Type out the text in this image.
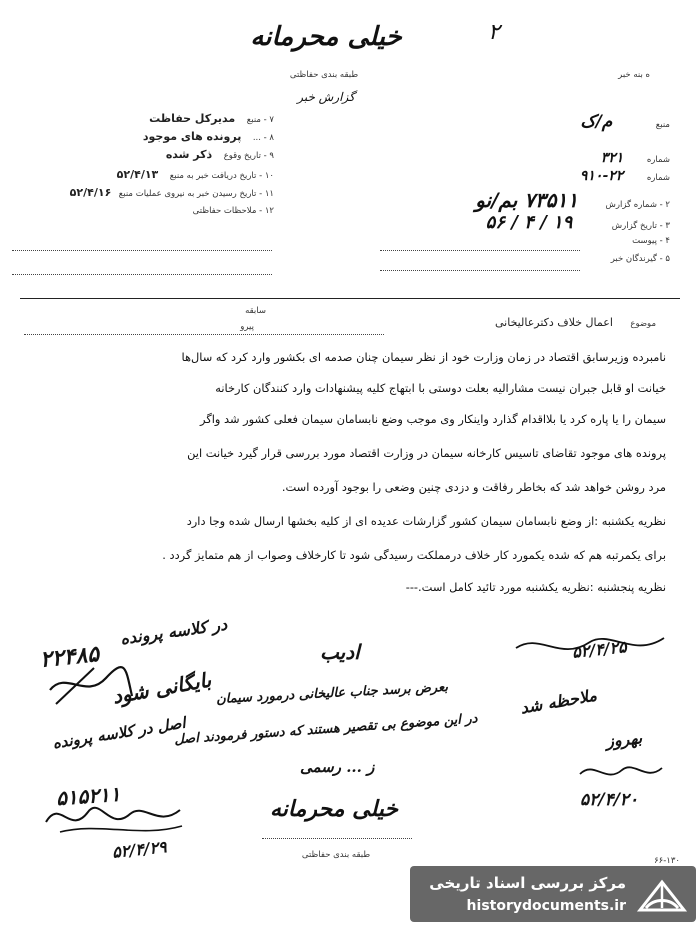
خیلی محرمانه
طبقه بندی حفاظتی
گزارش خبر
۲
ه بنه خبر
منبع م/ک
شماره ۳۲۱
شماره ۲۲-۹۱۰
۲ - شماره گزارش ۷۳۵۱۱ بم/نو
۳ - تاریخ گزارش ۱۹ / ۴ / ۵۶
۴ - پیوست
۵ - گیرندگان خبر
۷ - منبع مدیرکل حفاظت
۸ - ... پرونده های موجود
۹ - تاریخ وقوع ذکر شده
۱۰ - تاریخ دریافت خبر به منبع ۵۲/۴/۱۳
۱۱ - تاریخ رسیدن خبر به نیروی عملیات منبع ۵۲/۴/۱۶
۱۲ - ملاحظات حفاظتی
سابقه
پیرو	موضوع اعمال خلاف دکترعالیخانی
نامبرده وزیرسابق اقتصاد در زمان وزارت خود از نظر سیمان چنان صدمه ای بکشور وارد کرد که سال‌ها
خیانت او قابل جبران نیست مشارالیه بعلت دوستی با ابتهاج کلیه پیشنهادات وارد کنندگان کارخانه
سیمان را یا پاره کرد یا بلااقدام گذارد واینکار وی موجب وضع نابسامان سیمان فعلی کشور شد واگر
پرونده های موجود تقاضای تاسیس کارخانه سیمان در وزارت اقتصاد مورد بررسی قرار گیرد خیانت این
مرد روشن خواهد شد که بخاطر رفاقت و دزدی چنین وضعی را بوجود آورده است.
نظریه یکشنبه :از وضع نابسامان سیمان کشور گزارشات عدیده ای از کلیه بخشها ارسال شده وجا دارد
برای یکمرتبه هم که شده یکمورد کار خلاف درمملکت رسیدگی شود تا کارخلاف وصواب از هم متمایز گردد .
نظریه پنجشنبه :نظریه یکشنبه مورد تائید کامل است.---
در کلاسه پرونده
۲۲۴۸۵
بایگانی شود
اصل در کلاسه پرونده
۵۱۵۲۱۱
۵۲/۴/۲۹
ادیب
بعرض برسد جناب عالیخانی درمورد سیمان
در این موضوع بی تقصیر هستند که دستور فرمودند اصل
ز ... رسمی
۵۲/۴/۲۵
ملاحظه شد
بهروز
۵۲/۴/۲۰
خیلی محرمانه
طبقه بندی حفاظتی
۶۶-۱۳۰
مرکز بررسی اسناد تاریخی
historydocuments.ir
